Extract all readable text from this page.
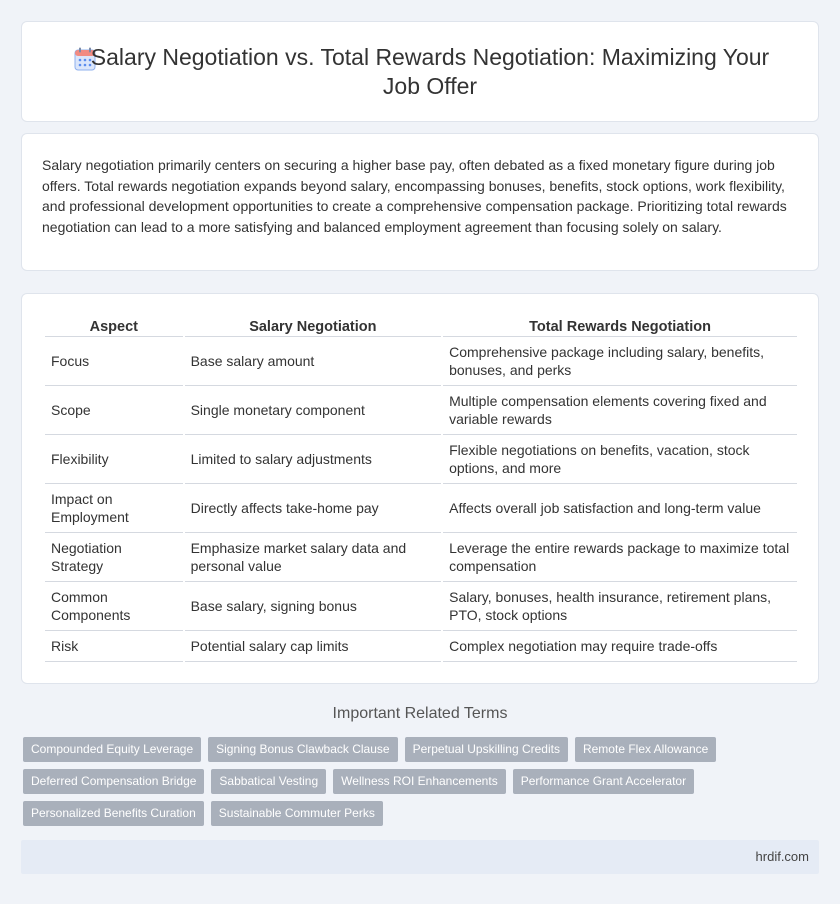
Salary Negotiation vs. Total Rewards Negotiation: Maximizing Your Job Offer

Salary negotiation primarily centers on securing a higher base pay, often debated as a fixed monetary figure during job offers. Total rewards negotiation expands beyond salary, encompassing bonuses, benefits, stock options, work flexibility, and professional development opportunities to create a comprehensive compensation package. Prioritizing total rewards negotiation can lead to a more satisfying and balanced employment agreement than focusing solely on salary.

Aspect	Salary Negotiation	Total Rewards Negotiation
Focus	Base salary amount	Comprehensive package including salary, benefits, bonuses, and perks
Scope	Single monetary component	Multiple compensation elements covering fixed and variable rewards
Flexibility	Limited to salary adjustments	Flexible negotiations on benefits, vacation, stock options, and more
Impact on Employment	Directly affects take-home pay	Affects overall job satisfaction and long-term value
Negotiation Strategy	Emphasize market salary data and personal value	Leverage the entire rewards package to maximize total compensation
Common Components	Base salary, signing bonus	Salary, bonuses, health insurance, retirement plans, PTO, stock options
Risk	Potential salary cap limits	Complex negotiation may require trade-offs
Important Related Terms
Compounded Equity Leverage	Signing Bonus Clawback Clause	Perpetual Upskilling Credits	Remote Flex Allowance
Deferred Compensation Bridge	Sabbatical Vesting	Wellness ROI Enhancements	Performance Grant Accelerator
Personalized Benefits Curation	Sustainable Commuter Perks
hrdif.com
